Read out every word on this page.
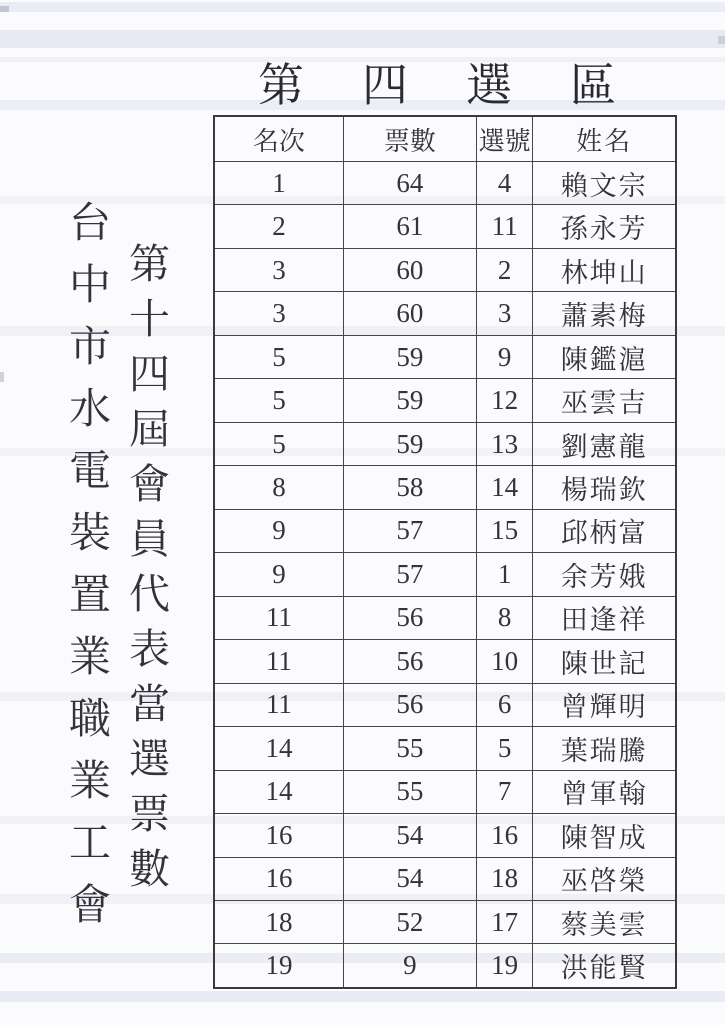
台中市水電裝置業職業工會 第十四屆會員代表當選票數
第 四 選 區
名次	票數	選號	姓名
1	64	4	賴文宗
2	61	11	孫永芳
3	60	2	林坤山
3	60	3	蕭素梅
5	59	9	陳鑑滬
5	59	12	巫雲吉
5	59	13	劉憲龍
8	58	14	楊瑞欽
9	57	15	邱柄富
9	57	1	余芳娥
11	56	8	田逢祥
11	56	10	陳世記
11	56	6	曾輝明
14	55	5	葉瑞騰
14	55	7	曾軍翰
16	54	16	陳智成
16	54	18	巫啓榮
18	52	17	蔡美雲
19	9	19	洪能賢
